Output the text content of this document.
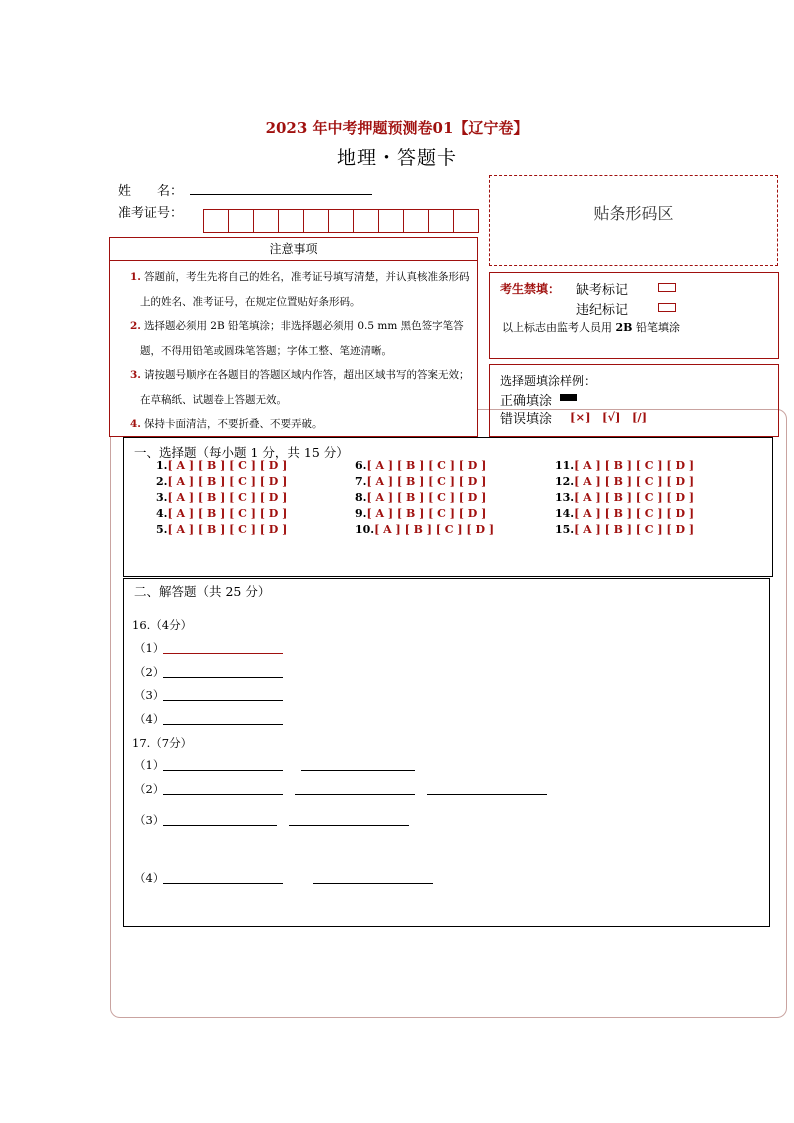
2023 年中考押题预测卷01【辽宁卷】
地理・答题卡
姓　　名：
准考证号：	贴条形码区
注意事项
1. 答题前，考生先将自己的姓名，准考证号填写清楚，并认真核准条形码上的姓名、准考证号，在规定位置贴好条形码。
2. 选择题必须用 2B 铅笔填涂；非选择题必须用 0.5 mm 黑色签字笔答题，不得用铅笔或圆珠笔答题；字体工整、笔迹清晰。
3. 请按题号顺序在各题目的答题区域内作答，超出区域书写的答案无效；在草稿纸、试题卷上答题无效。
4. 保持卡面清洁，不要折叠、不要弄破。
考生禁填： 缺考标记
违纪标记
以上标志由监考人员用 2B 铅笔填涂
选择题填涂样例：
正确填涂
错误填涂 [×]　[√]　[/]
一、选择题（每小题 1 分，共 15 分）
1.[ A ] [ B ] [ C ] [ D ]
2.[ A ] [ B ] [ C ] [ D ]
3.[ A ] [ B ] [ C ] [ D ]
4.[ A ] [ B ] [ C ] [ D ]
5.[ A ] [ B ] [ C ] [ D ]
6.[ A ] [ B ] [ C ] [ D ]
7.[ A ] [ B ] [ C ] [ D ]
8.[ A ] [ B ] [ C ] [ D ]
9.[ A ] [ B ] [ C ] [ D ]
10.[ A ] [ B ] [ C ] [ D ]
11.[ A ] [ B ] [ C ] [ D ]
12.[ A ] [ B ] [ C ] [ D ]
13.[ A ] [ B ] [ C ] [ D ]
14.[ A ] [ B ] [ C ] [ D ]
15.[ A ] [ B ] [ C ] [ D ]
二、解答题（共 25 分）
16.（4分）
（1）
（2）
（3）
（4）
17.（7分）
（1）
（2）
（3）
（4）
